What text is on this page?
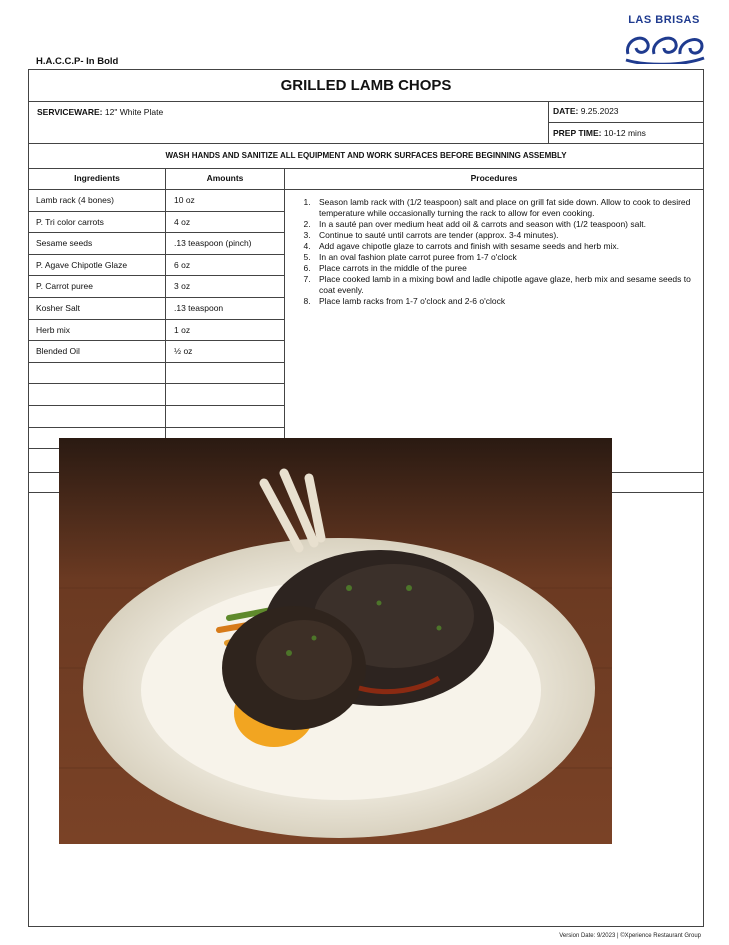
LAS BRISAS
H.A.C.C.P- In Bold
GRILLED LAMB CHOPS
SERVICEWARE: 12" White Plate	DATE: 9.25.2023
PREP TIME: 10-12 mins
WASH HANDS AND SANITIZE ALL EQUIPMENT AND WORK SURFACES BEFORE BEGINNING ASSEMBLY
Ingredients	Amounts	Procedures
Lamb rack (4 bones)	10 oz
P. Tri color carrots	4 oz
Sesame seeds	.13 teaspoon (pinch)
P. Agave Chipotle Glaze	6 oz
P. Carrot puree	3 oz
Kosher Salt	.13 teaspoon
Herb mix	1 oz
Blended Oil	½ oz
1. Season lamb rack with (1/2 teaspoon) salt and place on grill fat side down. Allow to cook to desired temperature while occasionally turning the rack to allow for even cooking.
2. In a sauté pan over medium heat add oil & carrots and season with (1/2 teaspoon) salt.
3. Continue to sauté until carrots are tender (approx. 3-4 minutes).
4. Add agave chipotle glaze to carrots and finish with sesame seeds and herb mix.
5. In an oval fashion plate carrot puree from 1-7 o'clock
6. Place carrots in the middle of the puree
7. Place cooked lamb in a mixing bowl and ladle chipotle agave glaze, herb mix and sesame seeds to coat evenly.
8. Place lamb racks from 1-7 o'clock and 2-6 o'clock
Version Date: 9/2023 | ©Xperience Restaurant Group
